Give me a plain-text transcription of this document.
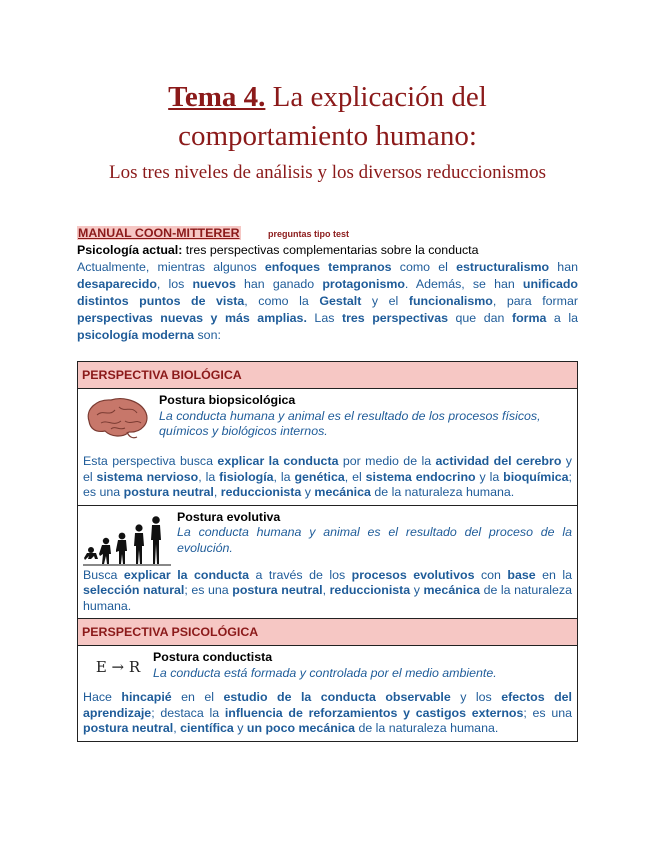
Tema 4. La explicación del
comportamiento humano:
Los tres niveles de análisis y los diversos reduccionismos
MANUAL COON-MITTERER	preguntas tipo test
Psicología actual: tres perspectivas complementarias sobre la conducta
Actualmente, mientras algunos enfoques tempranos como el estructuralismo han desaparecido, los nuevos han ganado protagonismo. Además, se han unificado distintos puntos de vista, como la Gestalt y el funcionalismo, para formar perspectivas nuevas y más amplias. Las tres perspectivas que dan forma a la psicología moderna son:
PERSPECTIVA BIOLÓGICA
Postura biopsicológica
La conducta humana y animal es el resultado de los procesos físicos, químicos y biológicos internos.
Esta perspectiva busca explicar la conducta por medio de la actividad del cerebro y el sistema nervioso, la fisiología, la genética, el sistema endocrino y la bioquímica; es una postura neutral, reduccionista y mecánica de la naturaleza humana.
Postura evolutiva
La conducta humana y animal es el resultado del proceso de la evolución.
Busca explicar la conducta a través de los procesos evolutivos con base en la selección natural; es una postura neutral, reduccionista y mecánica de la naturaleza humana.
PERSPECTIVA PSICOLÓGICA
E → R
Postura conductista
La conducta está formada y controlada por el medio ambiente.
Hace hincapié en el estudio de la conducta observable y los efectos del aprendizaje; destaca la influencia de reforzamientos y castigos externos; es una postura neutral, científica y un poco mecánica de la naturaleza humana.
